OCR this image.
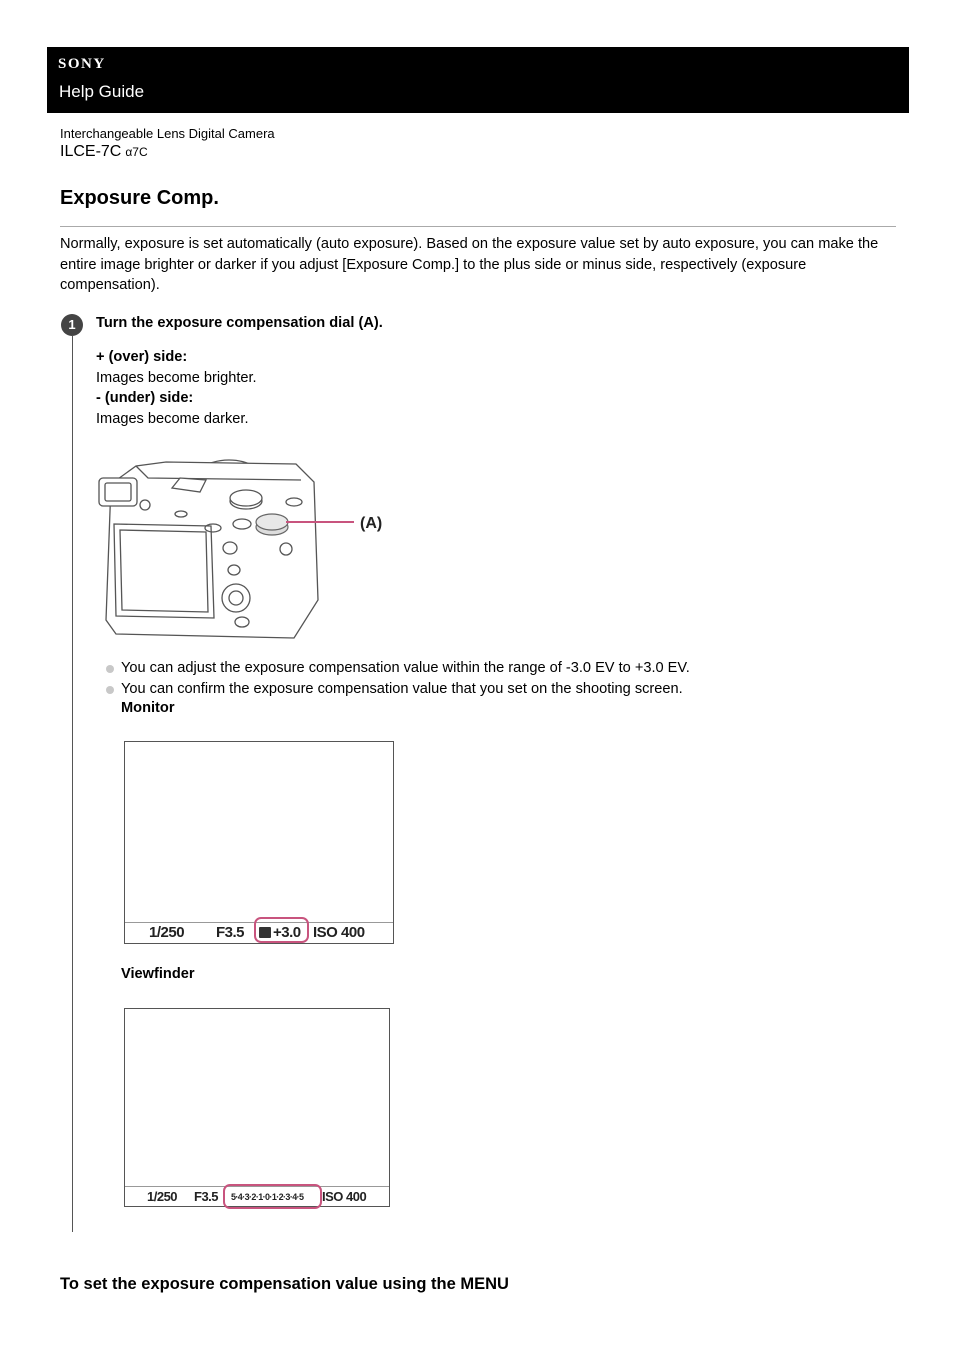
SONY
Help Guide
Interchangeable Lens Digital Camera
ILCE-7C α7C
Exposure Comp.

Normally, exposure is set automatically (auto exposure). Based on the exposure value set by auto exposure, you can make the entire image brighter or darker if you adjust [Exposure Comp.] to the plus side or minus side, respectively (exposure compensation).

1	Turn the exposure compensation dial (A).
+ (over) side:
Images become brighter.
- (under) side:
Images become darker.
(A)
You can adjust the exposure compensation value within the range of -3.0 EV to +3.0 EV.
You can confirm the exposure compensation value that you set on the shooting screen.
Monitor
1/250 F3.5 +3.0 ISO 400
Viewfinder
1/250 F3.5 5·4·3·2·1·0·1·2·3·4·5 ISO 400
To set the exposure compensation value using the MENU
